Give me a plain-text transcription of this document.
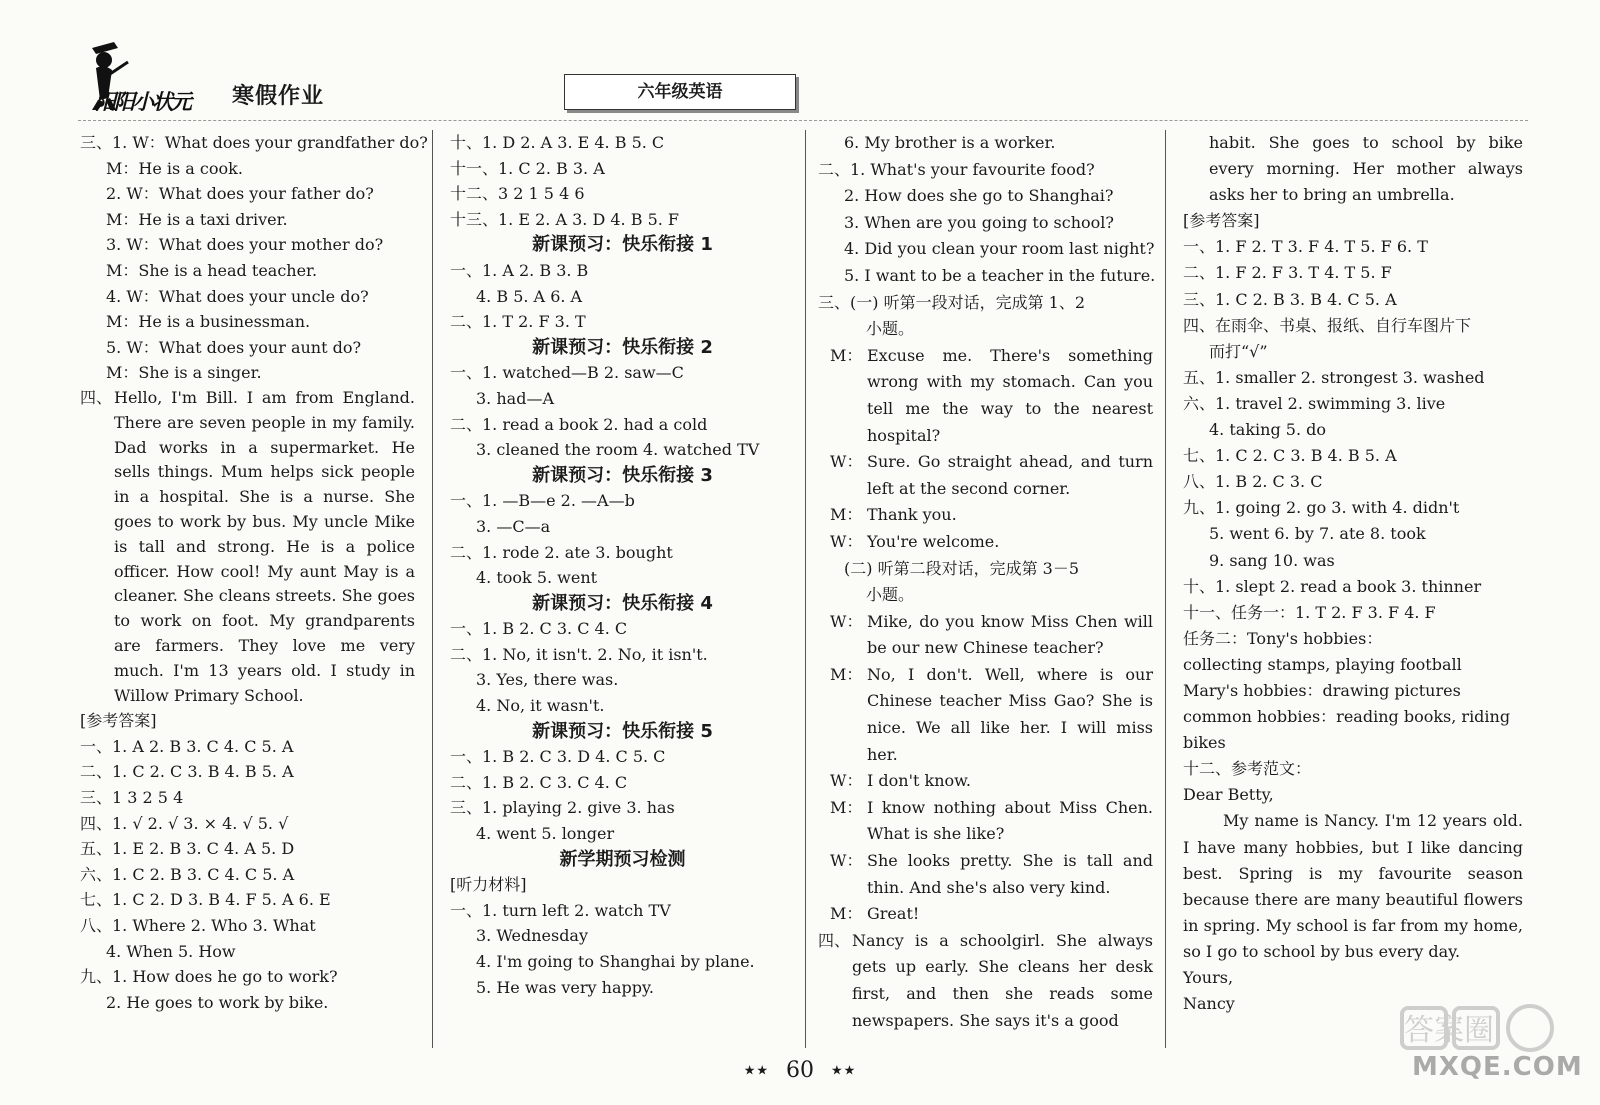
阳阳小状元 寒假作业	六年级英语
三、1. W：What does your grandfather do?
M：He is a cook.
2. W：What does your father do?
M：He is a taxi driver.
3. W：What does your mother do?
M：She is a head teacher.
4. W：What does your uncle do?
M：He is a businessman.
5. W：What does your aunt do?
M：She is a singer.
四、 Hello, I'm Bill. I am from England. There are seven people in my family. Dad works in a supermarket. He sells things. Mum helps sick people in a hospital. She is a nurse. She goes to work by bus. My uncle Mike is tall and strong. He is a police officer. How cool! My aunt May is a cleaner. She cleans streets. She goes to work on foot. My grandparents are farmers. They love me very much. I'm 13 years old. I study in Willow Primary School.
[参考答案]
一、1. A 2. B 3. C 4. C 5. A
二、1. C 2. C 3. B 4. B 5. A
三、1 3 2 5 4
四、1. √ 2. √ 3. × 4. √ 5. √
五、1. E 2. B 3. C 4. A 5. D
六、1. C 2. B 3. C 4. C 5. A
七、1. C 2. D 3. B 4. F 5. A 6. E
八、1. Where 2. Who 3. What
4. When 5. How
九、1. How does he go to work?
2. He goes to work by bike.
十、1. D 2. A 3. E 4. B 5. C
十一、1. C 2. B 3. A
十二、3 2 1 5 4 6
十三、1. E 2. A 3. D 4. B 5. F
新课预习：快乐衔接 1
一、1. A 2. B 3. B
4. B 5. A 6. A
二、1. T 2. F 3. T
新课预习：快乐衔接 2
一、1. watched—B 2. saw—C
3. had—A
二、1. read a book 2. had a cold
3. cleaned the room 4. watched TV
新课预习：快乐衔接 3
一、1. —B—e 2. —A—b
3. —C—a
二、1. rode 2. ate 3. bought
4. took 5. went
新课预习：快乐衔接 4
一、1. B 2. C 3. C 4. C
二、1. No, it isn't. 2. No, it isn't.
3. Yes, there was.
4. No, it wasn't.
新课预习：快乐衔接 5
一、1. B 2. C 3. D 4. C 5. C
二、1. B 2. C 3. C 4. C
三、1. playing 2. give 3. has
4. went 5. longer
新学期预习检测
[听力材料]
一、1. turn left 2. watch TV
3. Wednesday
4. I'm going to Shanghai by plane.
5. He was very happy.
6. My brother is a worker.
二、1. What's your favourite food?
2. How does she go to Shanghai?
3. When are you going to school?
4. Did you clean your room last night?
5. I want to be a teacher in the future.
三、(一) 听第一段对话，完成第 1、2
小题。
M： Excuse me. There's something wrong with my stomach. Can you tell me the way to the nearest hospital?
W： Sure. Go straight ahead, and turn left at the second corner.
M： Thank you.
W： You're welcome.
(二) 听第二段对话，完成第 3－5
小题。
W： Mike, do you know Miss Chen will be our new Chinese teacher?
M： No, I don't. Well, where is our Chinese teacher Miss Gao? She is nice. We all like her. I will miss her.
W： I don't know.
M： I know nothing about Miss Chen. What is she like?
W： She looks pretty. She is tall and thin. And she's also very kind.
M： Great!
四、 Nancy is a schoolgirl. She always gets up early. She cleans her desk first, and then she reads some newspapers. She says it's a good
habit. She goes to school by bike every morning. Her mother always asks her to bring an umbrella.
[参考答案]
一、1. F 2. T 3. F 4. T 5. F 6. T
二、1. F 2. F 3. T 4. T 5. F
三、1. C 2. B 3. B 4. C 5. A
四、在雨伞、书桌、报纸、自行车图片下
而打“√”
五、1. smaller 2. strongest 3. washed
六、1. travel 2. swimming 3. live
4. taking 5. do
七、1. C 2. C 3. B 4. B 5. A
八、1. B 2. C 3. C
九、1. going 2. go 3. with 4. didn't
5. went 6. by 7. ate 8. took
9. sang 10. was
十、1. slept 2. read a book 3. thinner
十一、任务一：1. T 2. F 3. F 4. F
任务二：Tony's hobbies：
collecting stamps, playing football
Mary's hobbies：drawing pictures
common hobbies：reading books, riding
bikes
十二、参考范文：
Dear Betty,
My name is Nancy. I'm 12 years old. I have many hobbies, but I like dancing best. Spring is my favourite season because there are many beautiful flowers in spring. My school is far from my home, so I go to school by bus every day.
Yours,
Nancy
★★ 60 ★★
答案圈
MXQE.COM
